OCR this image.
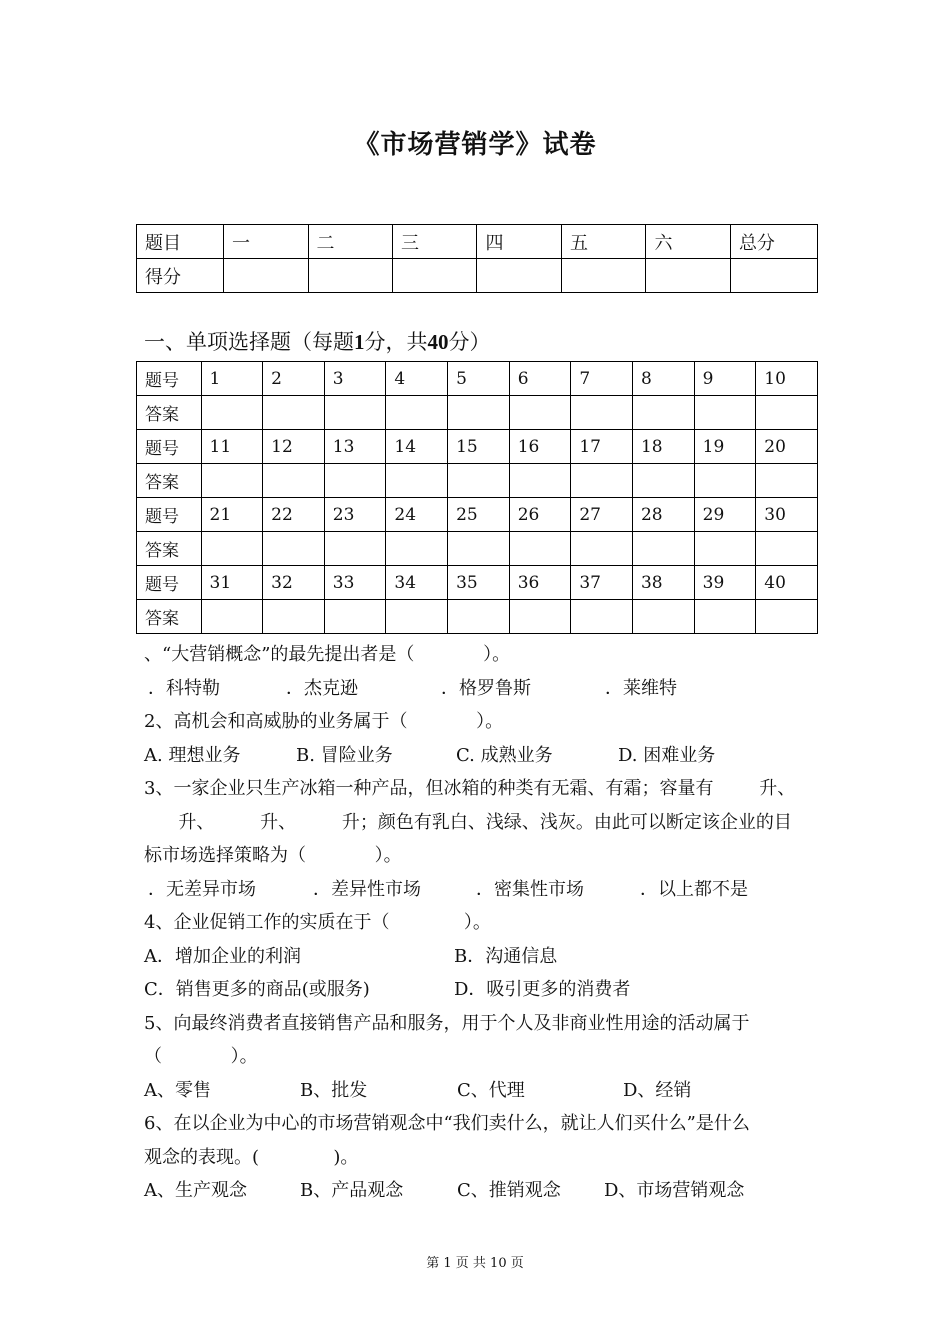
《市场营销学》试卷
题目	一	二	三	四	五	六	总分
得分							
一、单项选择题（每题1分，共40分）
题号	1	2	3	4	5	6	7	8	9	10
答案										
题号	11	12	13	14	15	16	17	18	19	20
答案										
题号	21	22	23	24	25	26	27	28	29	30
答案										
题号	31	32	33	34	35	36	37	38	39	40
答案										
、“大营销概念”的最先提出者是（            ）。
．科特勒	．杰克逊	．格罗鲁斯	．莱维特
2、高机会和高威胁的业务属于（            ）。
A. 理想业务	B. 冒险业务	C. 成熟业务	D. 困难业务
3、一家企业只生产冰箱一种产品，但冰箱的种类有无霜、有霜；容量有        升、
升、        升、        升；颜色有乳白、浅绿、浅灰。由此可以断定该企业的目
标市场选择策略为（            ）。
．无差异市场	．差异性市场	．密集性市场	．以上都不是
4、企业促销工作的实质在于（             ）。
A．增加企业的利润	B．沟通信息
C．销售更多的商品(或服务)	D．吸引更多的消费者
5、向最终消费者直接销售产品和服务，用于个人及非商业性用途的活动属于
（            ）。
A、零售	B、批发	C、代理	D、经销
6、在以企业为中心的市场营销观念中“我们卖什么，就让人们买什么”是什么
观念的表现。(             )。
A、生产观念	B、产品观念	C、推销观念 D、市场营销观念
第 1 页 共 10 页
